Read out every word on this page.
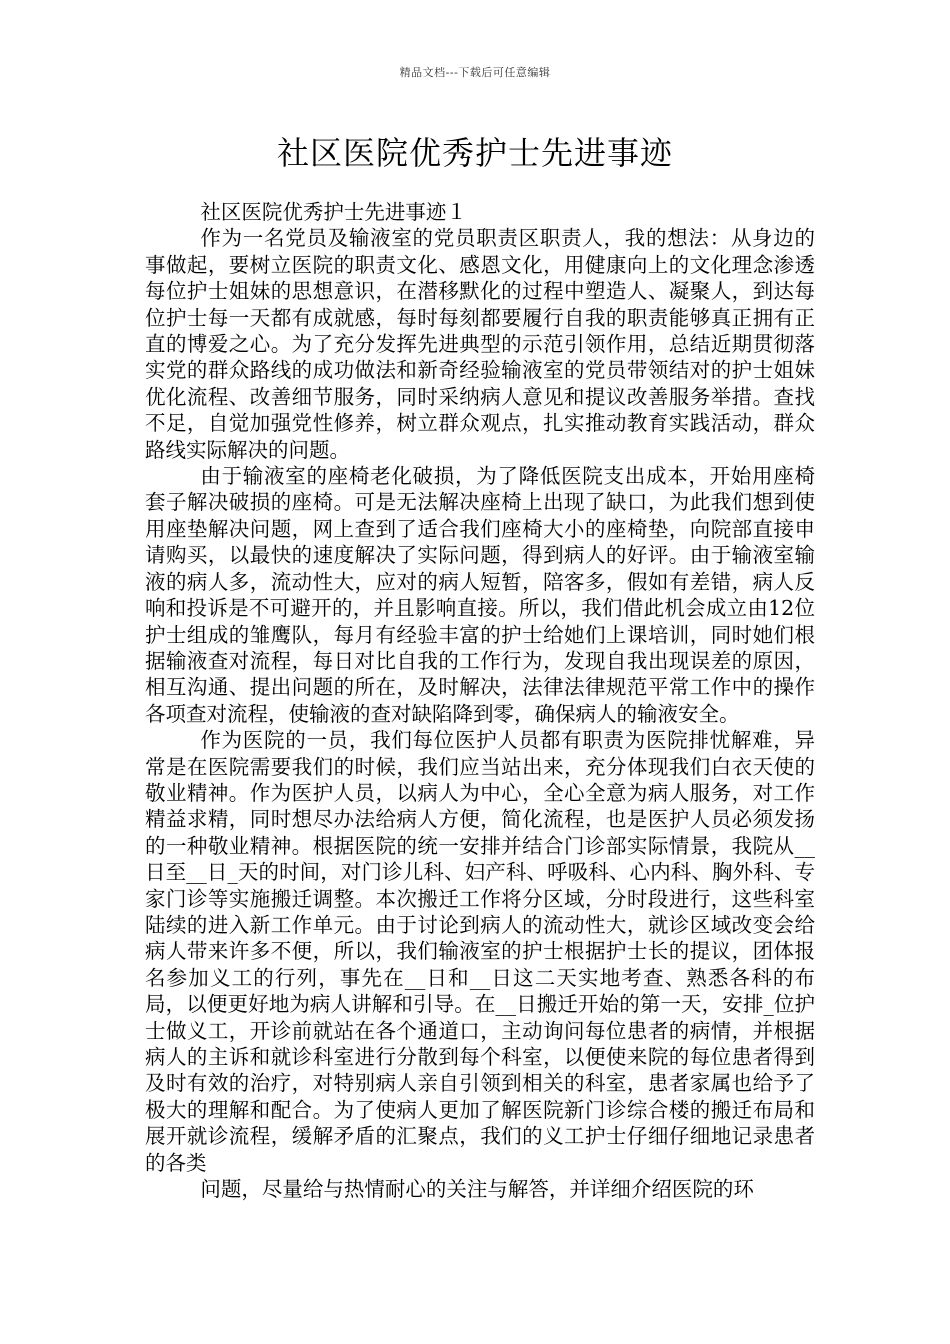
精品文档---下载后可任意编辑
社区医院优秀护士先进事迹

社区医院优秀护士先进事迹１

作为一名党员及输液室的党员职责区职责人，我的想法：从身边的事做起，要树立医院的职责文化、感恩文化，用健康向上的文化理念渗透每位护士姐妹的思想意识，在潜移默化的过程中塑造人、凝聚人，到达每位护士每一天都有成就感，每时每刻都要履行自我的职责能够真正拥有正直的博爱之心。为了充分发挥先进典型的示范引领作用，总结近期贯彻落实党的群众路线的成功做法和新奇经验输液室的党员带领结对的护士姐妹优化流程、改善细节服务，同时采纳病人意见和提议改善服务举措。查找不足，自觉加强党性修养，树立群众观点，扎实推动教育实践活动，群众路线实际解决的问题。

由于输液室的座椅老化破损，为了降低医院支出成本，开始用座椅套子解决破损的座椅。可是无法解决座椅上出现了缺口，为此我们想到使用座垫解决问题，网上查到了适合我们座椅大小的座椅垫，向院部直接申请购买，以最快的速度解决了实际问题，得到病人的好评。由于输液室输液的病人多，流动性大，应对的病人短暂，陪客多，假如有差错，病人反响和投诉是不可避开的，并且影响直接。所以，我们借此机会成立由12位护士组成的雏鹰队，每月有经验丰富的护士给她们上课培训，同时她们根据输液查对流程，每日对比自我的工作行为，发现自我出现误差的原因，相互沟通、提出问题的所在，及时解决，法律法律规范平常工作中的操作各项查对流程，使输液的查对缺陷降到零，确保病人的输液安全。

作为医院的一员，我们每位医护人员都有职责为医院排忧解难，异常是在医院需要我们的时候，我们应当站出来，充分体现我们白衣天使的敬业精神。作为医护人员，以病人为中心，全心全意为病人服务，对工作精益求精，同时想尽办法给病人方便，简化流程，也是医护人员必须发扬的一种敬业精神。根据医院的统一安排并结合门诊部实际情景，我院从__日至__日_天的时间，对门诊儿科、妇产科、呼吸科、心内科、胸外科、专家门诊等实施搬迁调整。本次搬迁工作将分区域，分时段进行，这些科室陆续的进入新工作单元。由于讨论到病人的流动性大，就诊区域改变会给病人带来许多不便，所以，我们输液室的护士根据护士长的提议，团体报名参加义工的行列，事先在__日和__日这二天实地考查、熟悉各科的布局，以便更好地为病人讲解和引导。在__日搬迁开始的第一天，安排_位护士做义工，开诊前就站在各个通道口，主动询问每位患者的病情，并根据病人的主诉和就诊科室进行分散到每个科室，以便使来院的每位患者得到及时有效的治疗，对特别病人亲自引领到相关的科室，患者家属也给予了极大的理解和配合。为了使病人更加了解医院新门诊综合楼的搬迁布局和展开就诊流程，缓解矛盾的汇聚点，我们的义工护士仔细仔细地记录患者的各类

问题，尽量给与热情耐心的关注与解答，并详细介绍医院的环
